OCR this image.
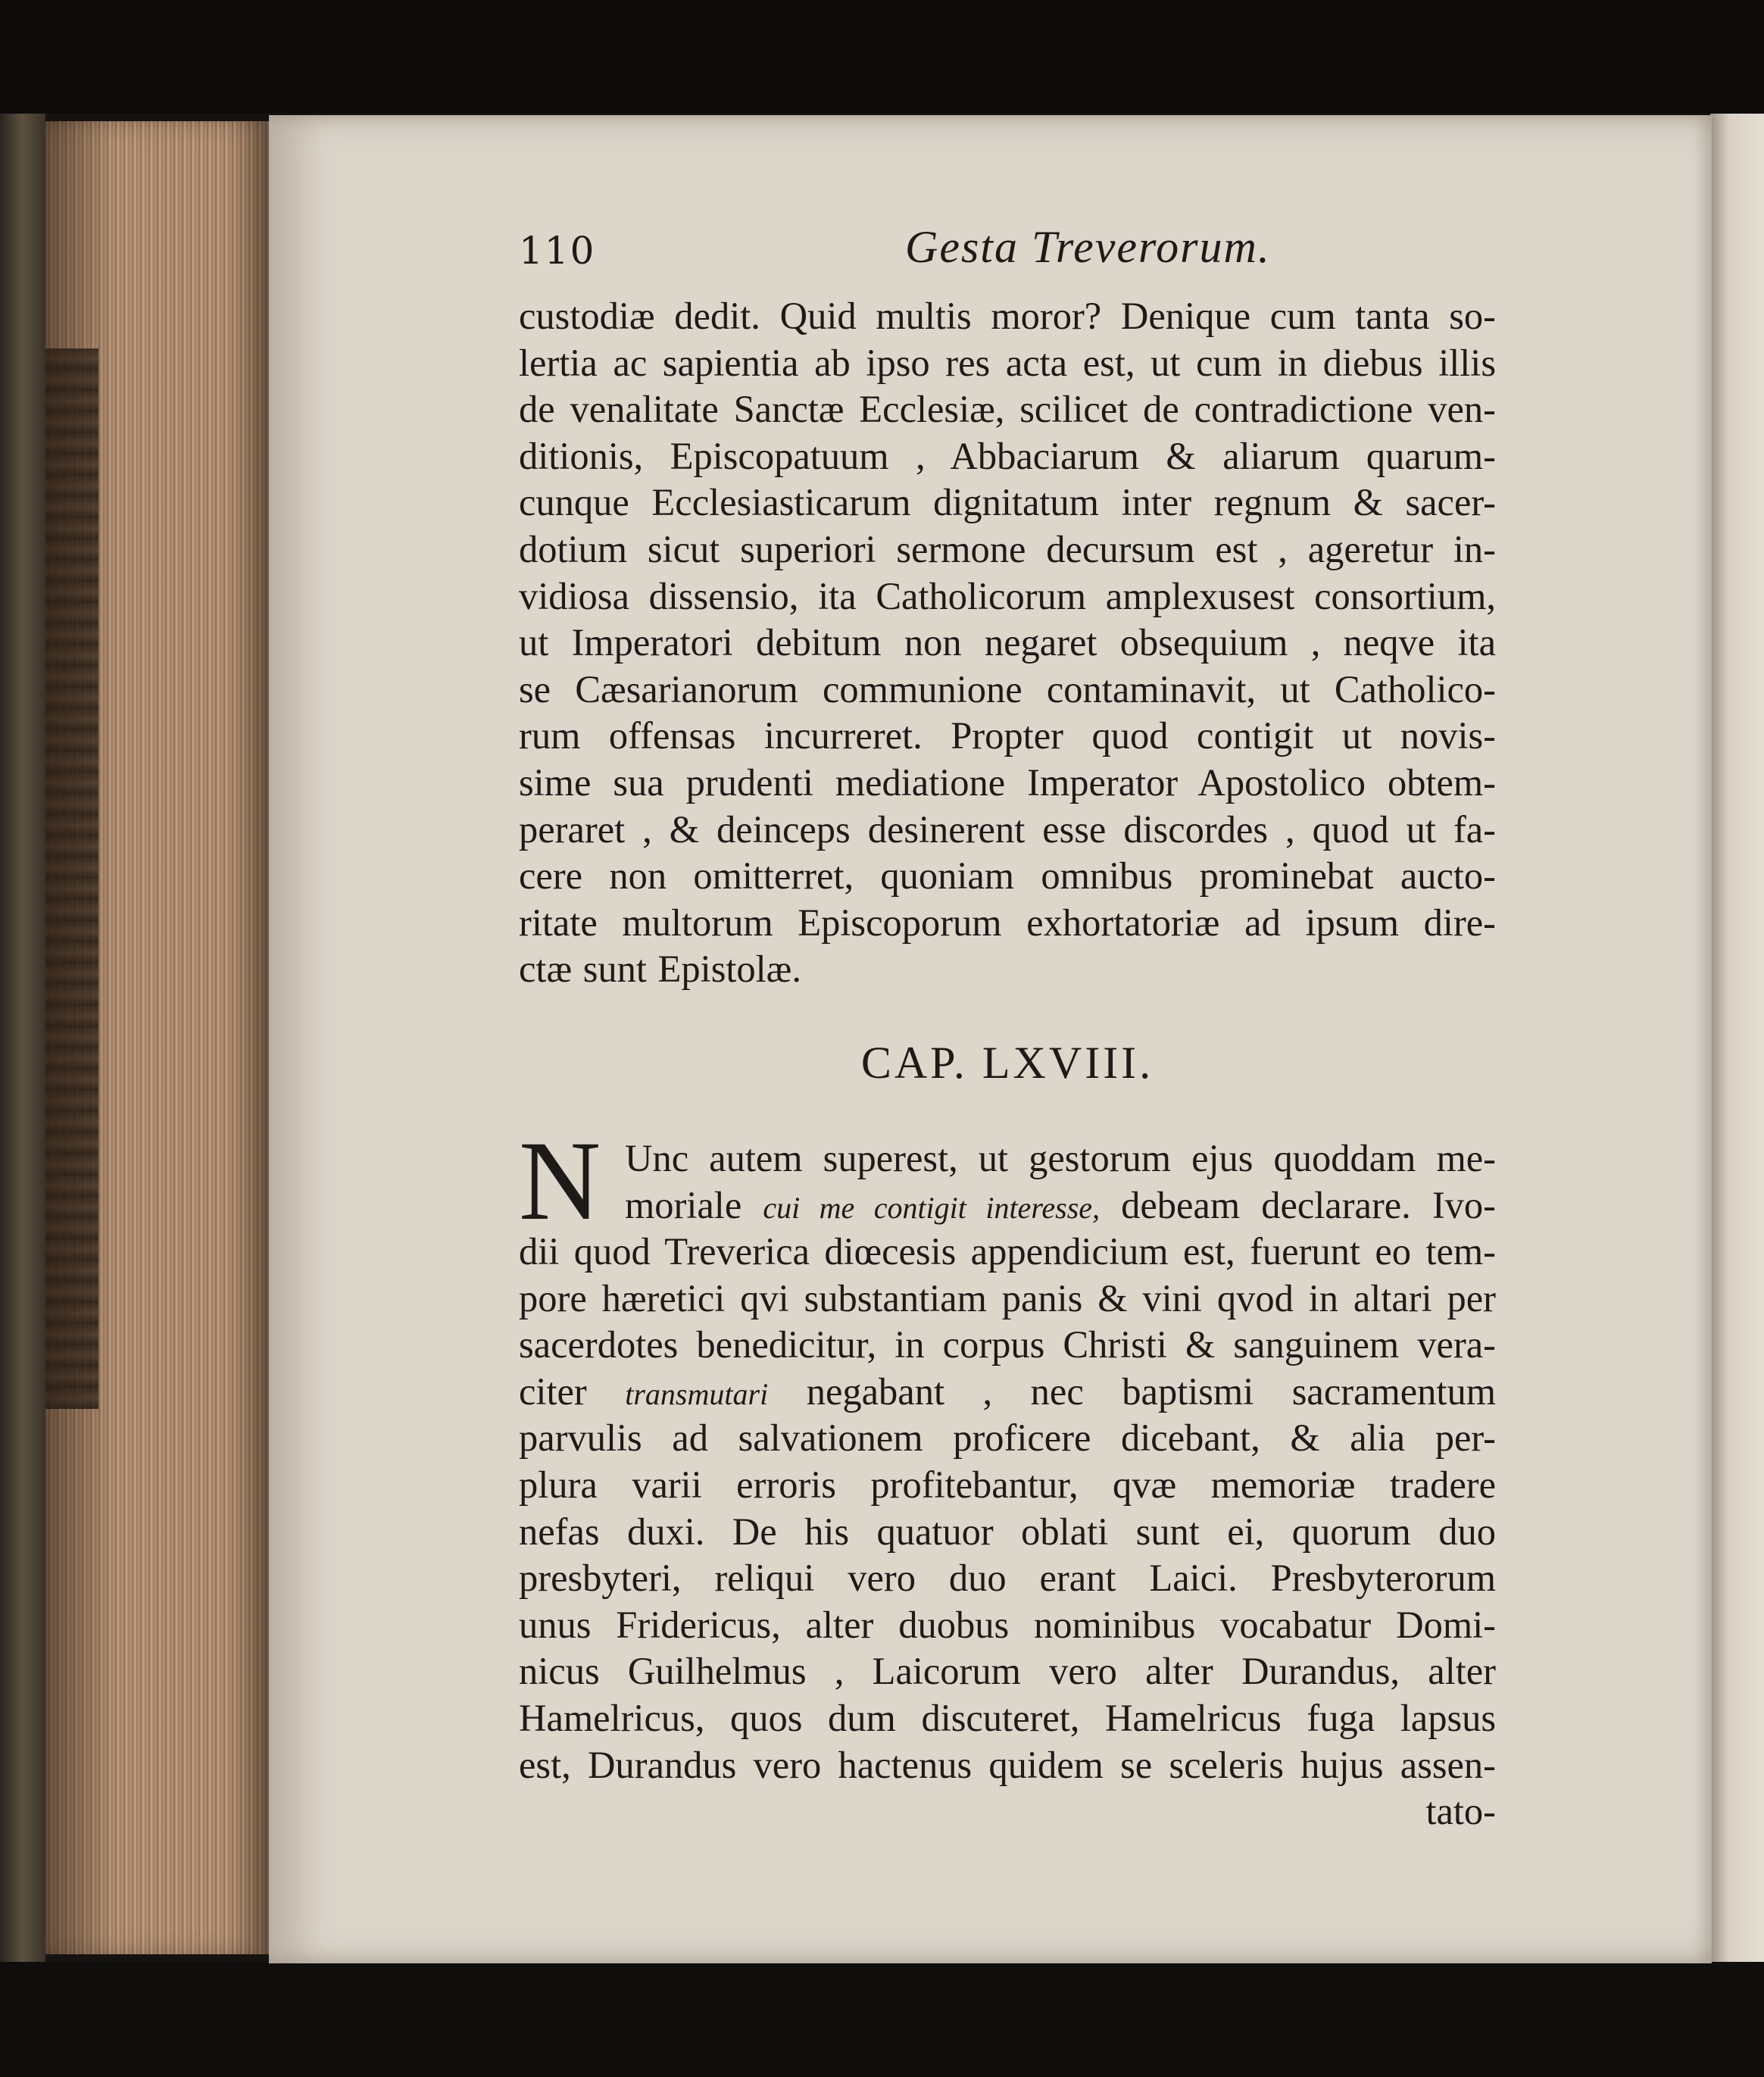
110	Gesta Treverorum.
custodiæ dedit. Quid multis moror? Denique cum tanta so-
lertia ac sapientia ab ipso res acta est, ut cum in diebus illis
de venalitate Sanctæ Ecclesiæ, scilicet de contradictione ven-
ditionis, Episcopatuum , Abbaciarum & aliarum quarum-
cunque Ecclesiasticarum dignitatum inter regnum & sacer-
dotium sicut superiori sermone decursum est , ageretur in-
vidiosa dissensio, ita Catholicorum amplexusest consortium,
ut Imperatori debitum non negaret obsequium , neqve ita
se Cæsarianorum communione contaminavit, ut Catholico-
rum offensas incurreret. Propter quod contigit ut novis-
sime sua prudenti mediatione Imperator Apostolico obtem-
peraret , & deinceps desinerent esse discordes , quod ut fa-
cere non omitterret, quoniam omnibus prominebat aucto-
ritate multorum Episcoporum exhortatoriæ ad ipsum dire-
ctæ sunt Epistolæ.
CAP. LXVIII.
N Unc autem superest, ut gestorum ejus quoddam me-
moriale cui me contigit interesse, debeam declarare. Ivo-
dii quod Treverica diœcesis appendicium est, fuerunt eo tem-
pore hæretici qvi substantiam panis & vini qvod in altari per
sacerdotes benedicitur, in corpus Christi & sanguinem vera-
citer transmutari negabant , nec baptismi sacramentum
parvulis ad salvationem proficere dicebant, & alia per-
plura varii erroris profitebantur, qvæ memoriæ tradere
nefas duxi. De his quatuor oblati sunt ei, quorum duo
presbyteri, reliqui vero duo erant Laici. Presbyterorum
unus Fridericus, alter duobus nominibus vocabatur Domi-
nicus Guilhelmus , Laicorum vero alter Durandus, alter
Hamelricus, quos dum discuteret, Hamelricus fuga lapsus
est, Durandus vero hactenus quidem se sceleris hujus assen-
tato-
